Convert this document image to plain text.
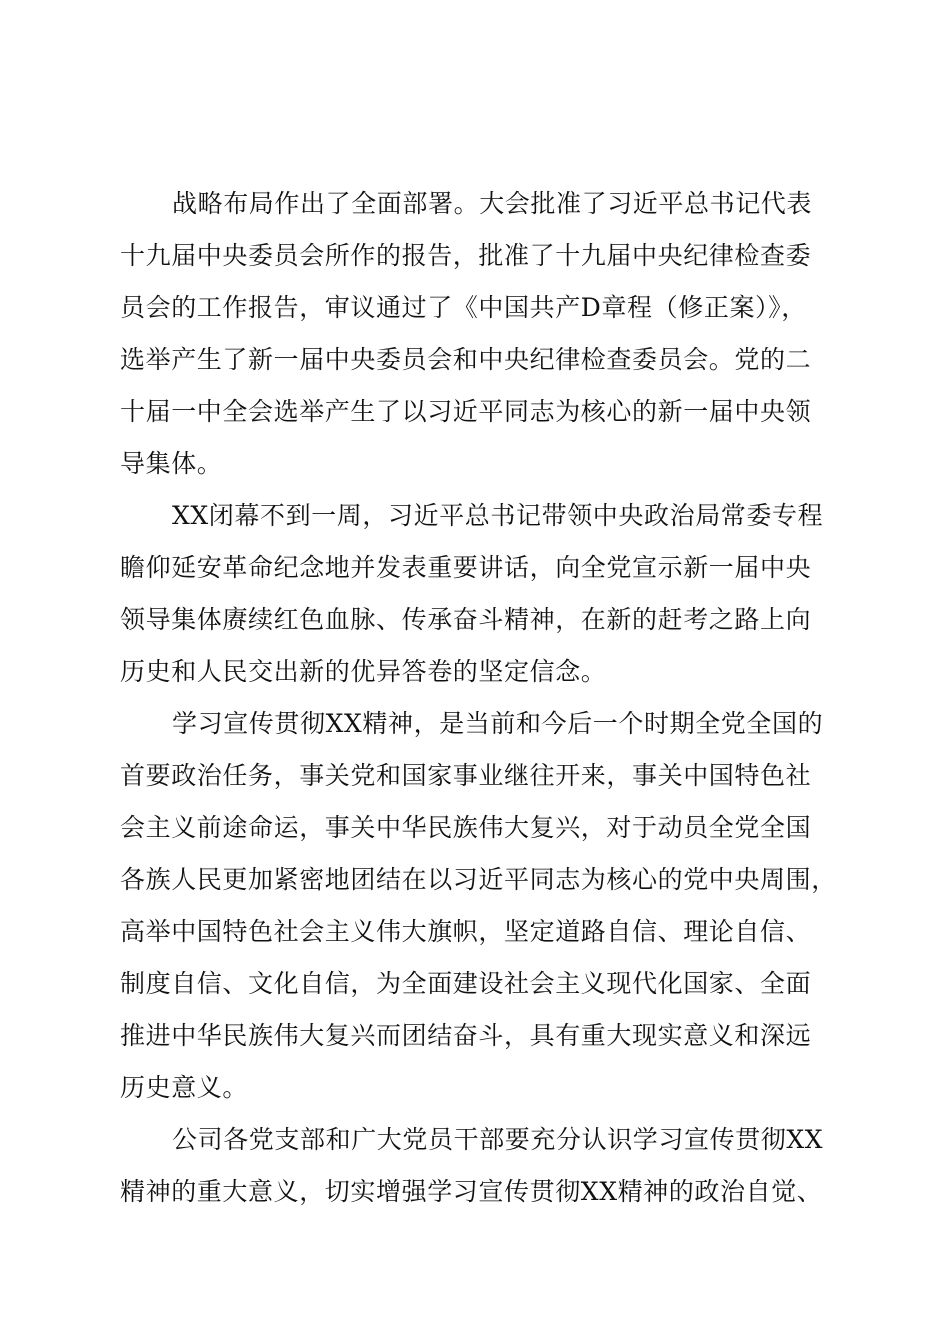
战略布局作出了全面部署。大会批准了习近平总书记代表
十九届中央委员会所作的报告，批准了十九届中央纪律检查委
员会的工作报告，审议通过了《中国共产D章程（修正案）》，
选举产生了新一届中央委员会和中央纪律检查委员会。党的二
十届一中全会选举产生了以习近平同志为核心的新一届中央领
导集体。
XX闭幕不到一周，习近平总书记带领中央政治局常委专程
瞻仰延安革命纪念地并发表重要讲话，向全党宣示新一届中央
领导集体赓续红色血脉、传承奋斗精神，在新的赶考之路上向
历史和人民交出新的优异答卷的坚定信念。
学习宣传贯彻XX精神，是当前和今后一个时期全党全国的
首要政治任务，事关党和国家事业继往开来，事关中国特色社
会主义前途命运，事关中华民族伟大复兴，对于动员全党全国
各族人民更加紧密地团结在以习近平同志为核心的党中央周围，
高举中国特色社会主义伟大旗帜，坚定道路自信、理论自信、
制度自信、文化自信，为全面建设社会主义现代化国家、全面
推进中华民族伟大复兴而团结奋斗，具有重大现实意义和深远
历史意义。
公司各党支部和广大党员干部要充分认识学习宣传贯彻XX
精神的重大意义，切实增强学习宣传贯彻XX精神的政治自觉、
